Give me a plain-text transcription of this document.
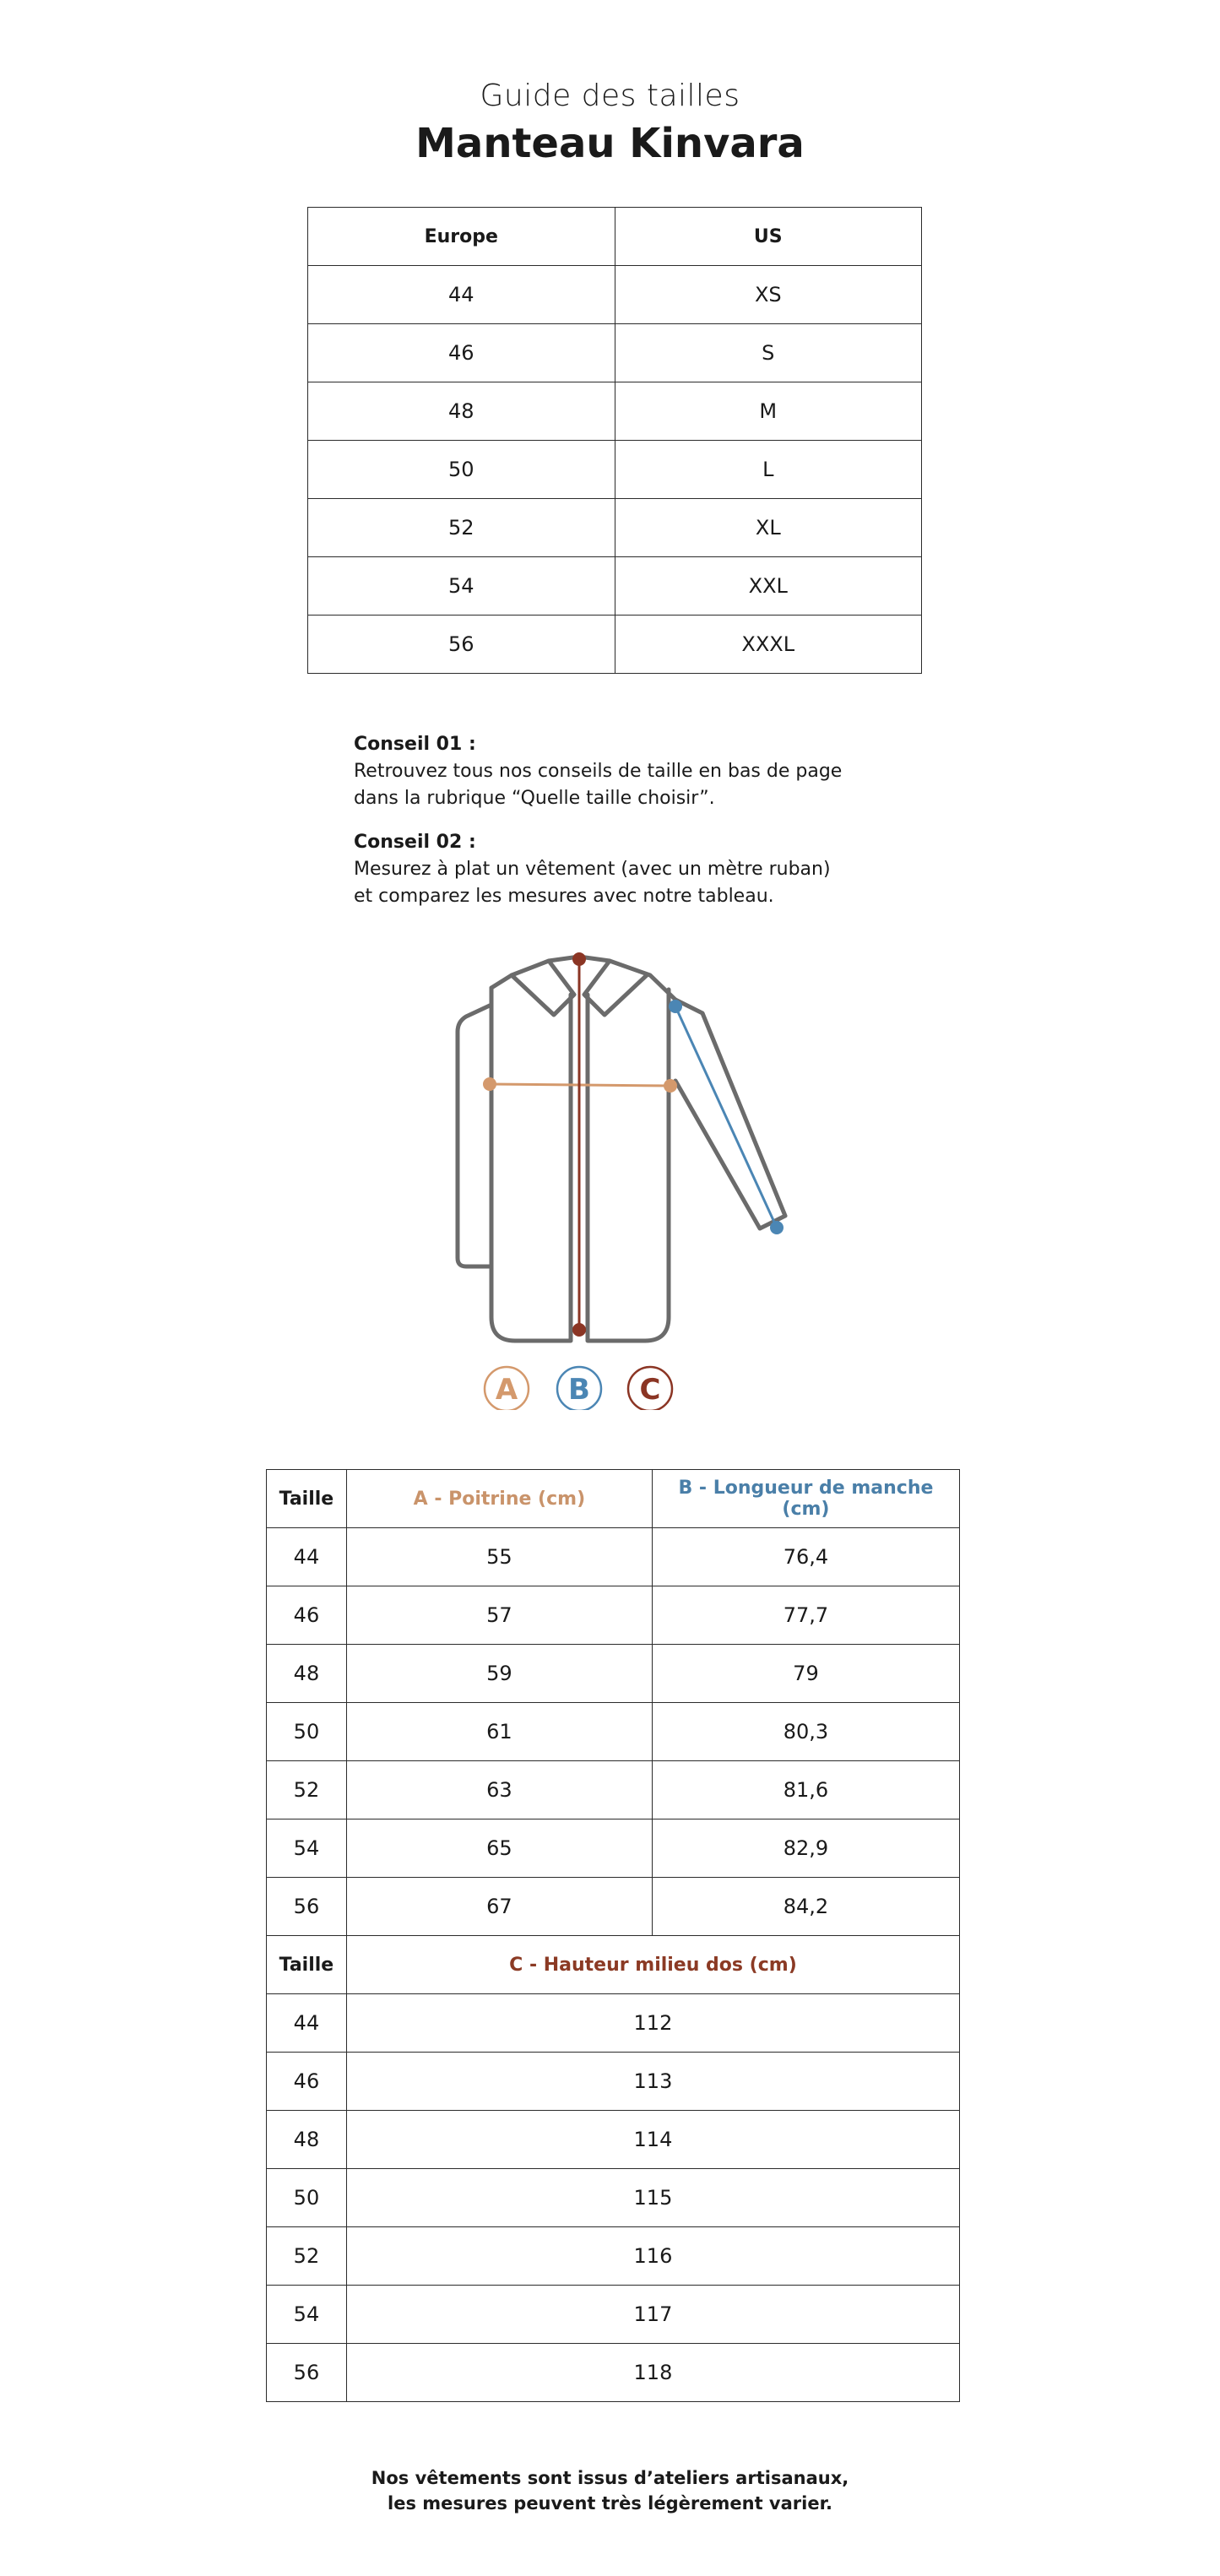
Guide des tailles
Manteau Kinvara
Europe	US
44	XS
46	S
48	M
50	L
52	XL
54	XXL
56	XXXL
Conseil 01 :
Retrouvez tous nos conseils de taille en bas de page
dans la rubrique “Quelle taille choisir”.
Conseil 02 :
Mesurez à plat un vêtement (avec un mètre ruban)
et comparez les mesures avec notre tableau.
A B C
Taille	A - Poitrine (cm)	B - Longueur de manche (cm)
44	55	76,4
46	57	77,7
48	59	79
50	61	80,3
52	63	81,6
54	65	82,9
56	67	84,2
Taille	C - Hauteur milieu dos (cm)	
44	112	
46	113	
48	114	
50	115	
52	116	
54	117	
56	118	
Nos vêtements sont issus d’ateliers artisanaux,
les mesures peuvent très légèrement varier.
